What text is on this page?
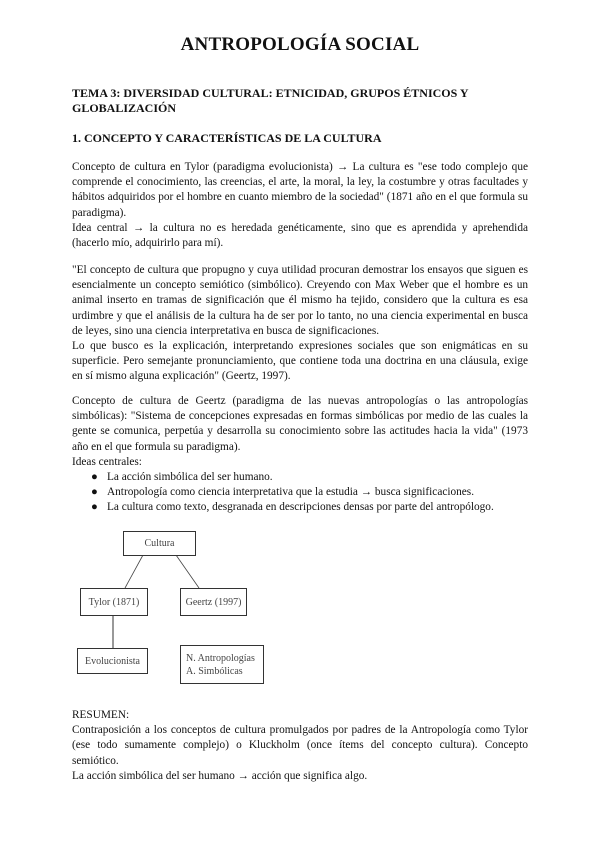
ANTROPOLOGÍA SOCIAL
TEMA 3: DIVERSIDAD CULTURAL: ETNICIDAD, GRUPOS ÉTNICOS Y GLOBALIZACIÓN
1. CONCEPTO Y CARACTERÍSTICAS DE LA CULTURA

Concepto de cultura en Tylor (paradigma evolucionista) → La cultura es "ese todo complejo que comprende el conocimiento, las creencias, el arte, la moral, la ley, la costumbre y otras facultades y hábitos adquiridos por el hombre en cuanto miembro de la sociedad" (1871 año en el que formula su paradigma).

Idea central → la cultura no es heredada genéticamente, sino que es aprendida y aprehendida (hacerlo mío, adquirirlo para mí).

"El concepto de cultura que propugno y cuya utilidad procuran demostrar los ensayos que siguen es esencialmente un concepto semiótico (simbólico). Creyendo con Max Weber que el hombre es un animal inserto en tramas de significación que él mismo ha tejido, considero que la cultura es esa urdimbre y que el análisis de la cultura ha de ser por lo tanto, no una ciencia experimental en busca de leyes, sino una ciencia interpretativa en busca de significaciones.

Lo que busco es la explicación, interpretando expresiones sociales que son enigmáticas en su superficie. Pero semejante pronunciamiento, que contiene toda una doctrina en una cláusula, exige en sí mismo alguna explicación" (Geertz, 1997).

Concepto de cultura de Geertz (paradigma de las nuevas antropologías o las antropologías simbólicas): "Sistema de concepciones expresadas en formas simbólicas por medio de las cuales la gente se comunica, perpetúa y desarrolla su conocimiento sobre las actitudes hacia la vida" (1973 año en el que formula su paradigma).

Ideas centrales:

● La acción simbólica del ser humano.
● Antropología como ciencia interpretativa que la estudia → busca significaciones.
● La cultura como texto, desgranada en descripciones densas por parte del antropólogo.
Cultura
Tylor (1871)	Geertz (1997)
Evolucionista	N. Antropologías
A. Simbólicas

RESUMEN:

Contraposición a los conceptos de cultura promulgados por padres de la Antropología como Tylor (ese todo sumamente complejo) o Kluckholm (once ítems del concepto cultura). Concepto semiótico.

La acción simbólica del ser humano → acción que significa algo.
